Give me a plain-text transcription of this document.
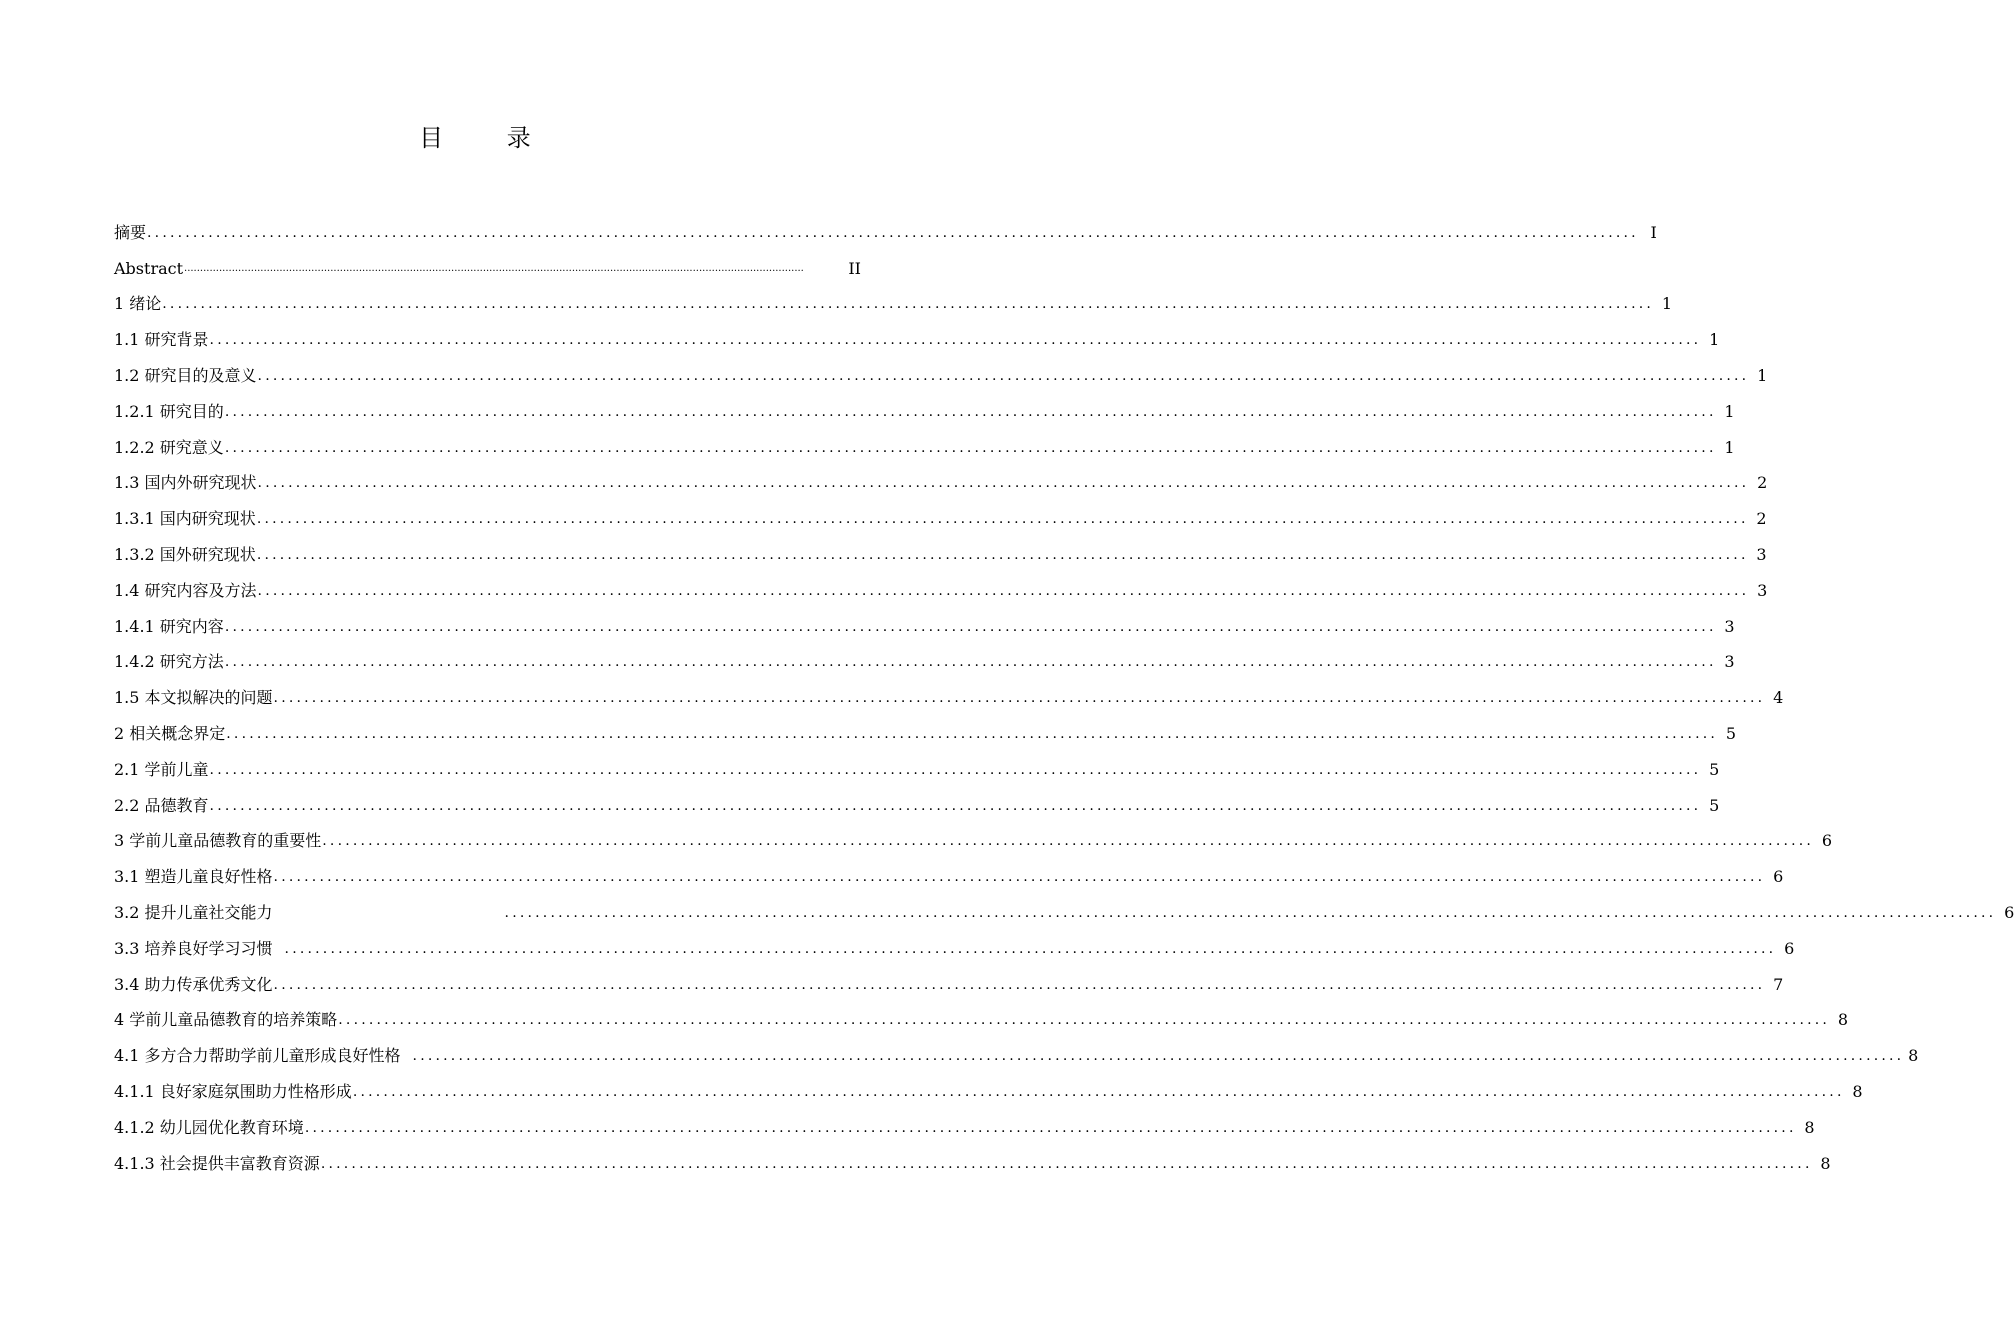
目 录
摘要 ................................................................................................................................................................................................... I
Abstract ...................................................................................................................................................................................................	II
1 绪论 ................................................................................................................................................................................................... 1
1.1 研究背景 ................................................................................................................................................................................................... 1
1.2 研究目的及意义 ................................................................................................................................................................................................... 1
1.2.1 研究目的 ................................................................................................................................................................................................... 1
1.2.2 研究意义 ................................................................................................................................................................................................... 1
1.3 国内外研究现状 ................................................................................................................................................................................................... 2
1.3.1 国内研究现状 ................................................................................................................................................................................................... 2
1.3.2 国外研究现状 ................................................................................................................................................................................................... 3
1.4 研究内容及方法 ................................................................................................................................................................................................... 3
1.4.1 研究内容 ................................................................................................................................................................................................... 3
1.4.2 研究方法 ................................................................................................................................................................................................... 3
1.5 本文拟解决的问题 ................................................................................................................................................................................................... 4
2 相关概念界定 ................................................................................................................................................................................................... 5
2.1 学前儿童 ................................................................................................................................................................................................... 5
2.2 品德教育 ................................................................................................................................................................................................... 5
3 学前儿童品德教育的重要性 ................................................................................................................................................................................................... 6
3.1 塑造儿童良好性格 ................................................................................................................................................................................................... 6
3.2 提升儿童社交能力	................................................................................................................................................................................................... 6
3.3 培养良好学习习惯 ................................................................................................................................................................................................... 6
3.4 助力传承优秀文化 ................................................................................................................................................................................................... 7
4 学前儿童品德教育的培养策略 ................................................................................................................................................................................................... 8
4.1 多方合力帮助学前儿童形成良好性格 ................................................................................................................................................................................................... 8
4.1.1 良好家庭氛围助力性格形成 ................................................................................................................................................................................................... 8
4.1.2 幼儿园优化教育环境 ................................................................................................................................................................................................... 8
4.1.3 社会提供丰富教育资源 ................................................................................................................................................................................................... 8
